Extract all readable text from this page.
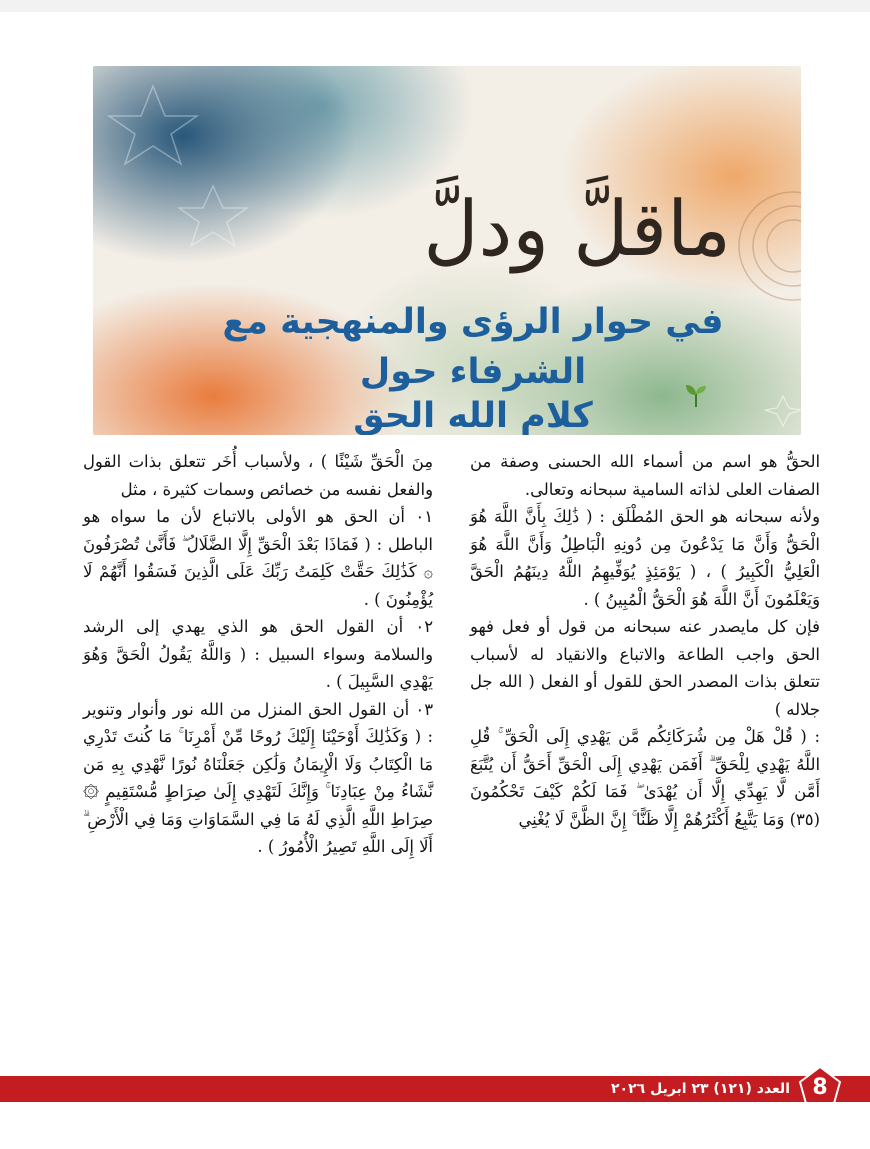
ماقلَّ ودلَّ
في حوار الرؤى والمنهجية مع
الشرفاء حول
كلام الله الحق

الحقُّ هو اسم من أسماء الله الحسنى وصفة من الصفات العلى لذاته السامية سبحانه وتعالى.

ولأنه سبحانه هو الحق المُطْلَق : ( ذَٰلِكَ بِأَنَّ اللَّهَ هُوَ الْحَقُّ وَأَنَّ مَا يَدْعُونَ مِن دُونِهِ الْبَاطِلُ وَأَنَّ اللَّهَ هُوَ الْعَلِيُّ الْكَبِيرُ ) ، ( يَوْمَئِذٍ يُوَفِّيهِمُ اللَّهُ دِينَهُمُ الْحَقَّ وَيَعْلَمُونَ أَنَّ اللَّهَ هُوَ الْحَقُّ الْمُبِينُ ) .

فإن كل مايصدر عنه سبحانه من قول أو فعل فهو الحق واجب الطاعة والاتباع والانقياد له لأسباب تتعلق بذات المصدر الحق للقول أو الفعل ( الله جل جلاله )

: ( قُلْ هَلْ مِن شُرَكَائِكُم مَّن يَهْدِي إِلَى الْحَقِّ ۚ قُلِ اللَّهُ يَهْدِي لِلْحَقِّ ۗ أَفَمَن يَهْدِي إِلَى الْحَقِّ أَحَقُّ أَن يُتَّبَعَ أَمَّن لَّا يَهِدِّي إِلَّا أَن يُهْدَىٰ ۖ فَمَا لَكُمْ كَيْفَ تَحْكُمُونَ (٣٥) وَمَا يَتَّبِعُ أَكْثَرُهُمْ إِلَّا ظَنًّا ۚ إِنَّ الظَّنَّ لَا يُغْنِي

مِنَ الْحَقِّ شَيْئًا ) ، ولأسباب أُخَر تتعلق بذات القول والفعل نفسه من خصائص وسمات كثيرة ، مثل

٠١ أن الحق هو الأولى بالاتباع لأن ما سواه هو الباطل : ( فَمَاذَا بَعْدَ الْحَقِّ إِلَّا الضَّلَالُ ۖ فَأَنَّىٰ تُصْرَفُونَ ۞ كَذَٰلِكَ حَقَّتْ كَلِمَتُ رَبِّكَ عَلَى الَّذِينَ فَسَقُوا أَنَّهُمْ لَا يُؤْمِنُونَ ) .

٠٢ أن القول الحق هو الذي يهدي إلى الرشد والسلامة وسواء السبيل : ( وَاللَّهُ يَقُولُ الْحَقَّ وَهُوَ يَهْدِي السَّبِيلَ ) .

٠٣ أن القول الحق المنزل من الله نور وأنوار وتنوير : ( وَكَذَٰلِكَ أَوْحَيْنَا إِلَيْكَ رُوحًا مِّنْ أَمْرِنَا ۚ مَا كُنتَ تَدْرِي مَا الْكِتَابُ وَلَا الْإِيمَانُ وَلَٰكِن جَعَلْنَاهُ نُورًا نَّهْدِي بِهِ مَن نَّشَاءُ مِنْ عِبَادِنَا ۚ وَإِنَّكَ لَتَهْدِي إِلَىٰ صِرَاطٍ مُّسْتَقِيمٍ ۞ صِرَاطِ اللَّهِ الَّذِي لَهُ مَا فِي السَّمَاوَاتِ وَمَا فِي الْأَرْضِ ۗ أَلَا إِلَى اللَّهِ تَصِيرُ الْأُمُورُ ) .

8
العدد (١٢١) ٢٣ ابريل ٢٠٢٦
